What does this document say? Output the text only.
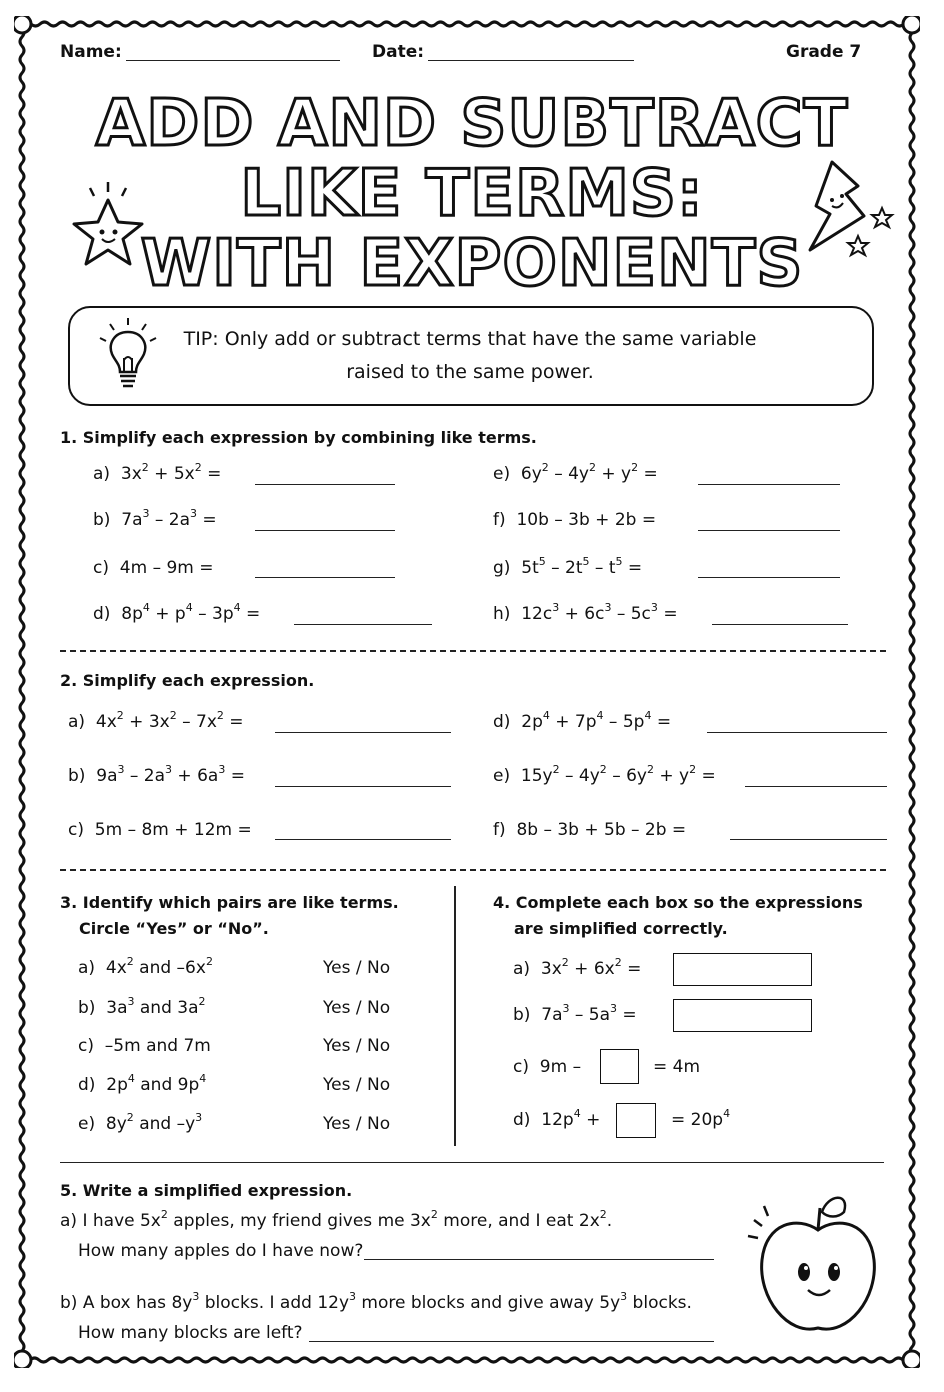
Name:	Date:	Grade 7
ADD AND SUBTRACT
LIKE TERMS:
WITH EXPONENTS
TIP: Only add or subtract terms that have the same variable
raised to the same power.
1. Simplify each expression by combining like terms.
a) $3x^2 + 5x^2$ =
b) $7a^3 - 2a^3$ =
c) 4m – 9m =
d) $8p^4 + p^4 - 3p^4$ =
e) $6y^2 - 4y^2 + y^2$ =
f) 10b – 3b + 2b =
g) $5t^5 - 2t^5 - t^5$ =
h) $12c^3 + 6c^3 - 5c^3$ =
2. Simplify each expression.
a) $4x^2 + 3x^2 - 7x^2$ =
b) $9a^3 - 2a^3 + 6a^3$ =
c) 5m – 8m + 12m =
d) $2p^4 + 7p^4 - 5p^4$ =
e) $15y^2 - 4y^2 - 6y^2 + y^2$ =
f) 8b – 3b + 5b – 2b =
3. Identify which pairs are like terms.
Circle “Yes” or “No”.
a) $4x^2$ and $-6x^2$	Yes / No
b) $3a^3$ and $3a^2$	Yes / No
c) –5m and 7m	Yes / No
d) $2p^4$ and $9p^4$	Yes / No
e) $8y^2$ and $-y^3$	Yes / No
4. Complete each box so the expressions
are simplified correctly.
a) $3x^2 + 6x^2$ =
b) $7a^3 - 5a^3$ =
c) 9m –	= 4m
d) $12p^4$ +	= $20p^4$
5. Write a simplified expression.
a) I have $5x^2$ apples, my friend gives me $3x^2$ more, and I eat $2x^2$.
How many apples do I have now?
b) A box has $8y^3$ blocks. I add $12y^3$ more blocks and give away $5y^3$ blocks.
How many blocks are left?
